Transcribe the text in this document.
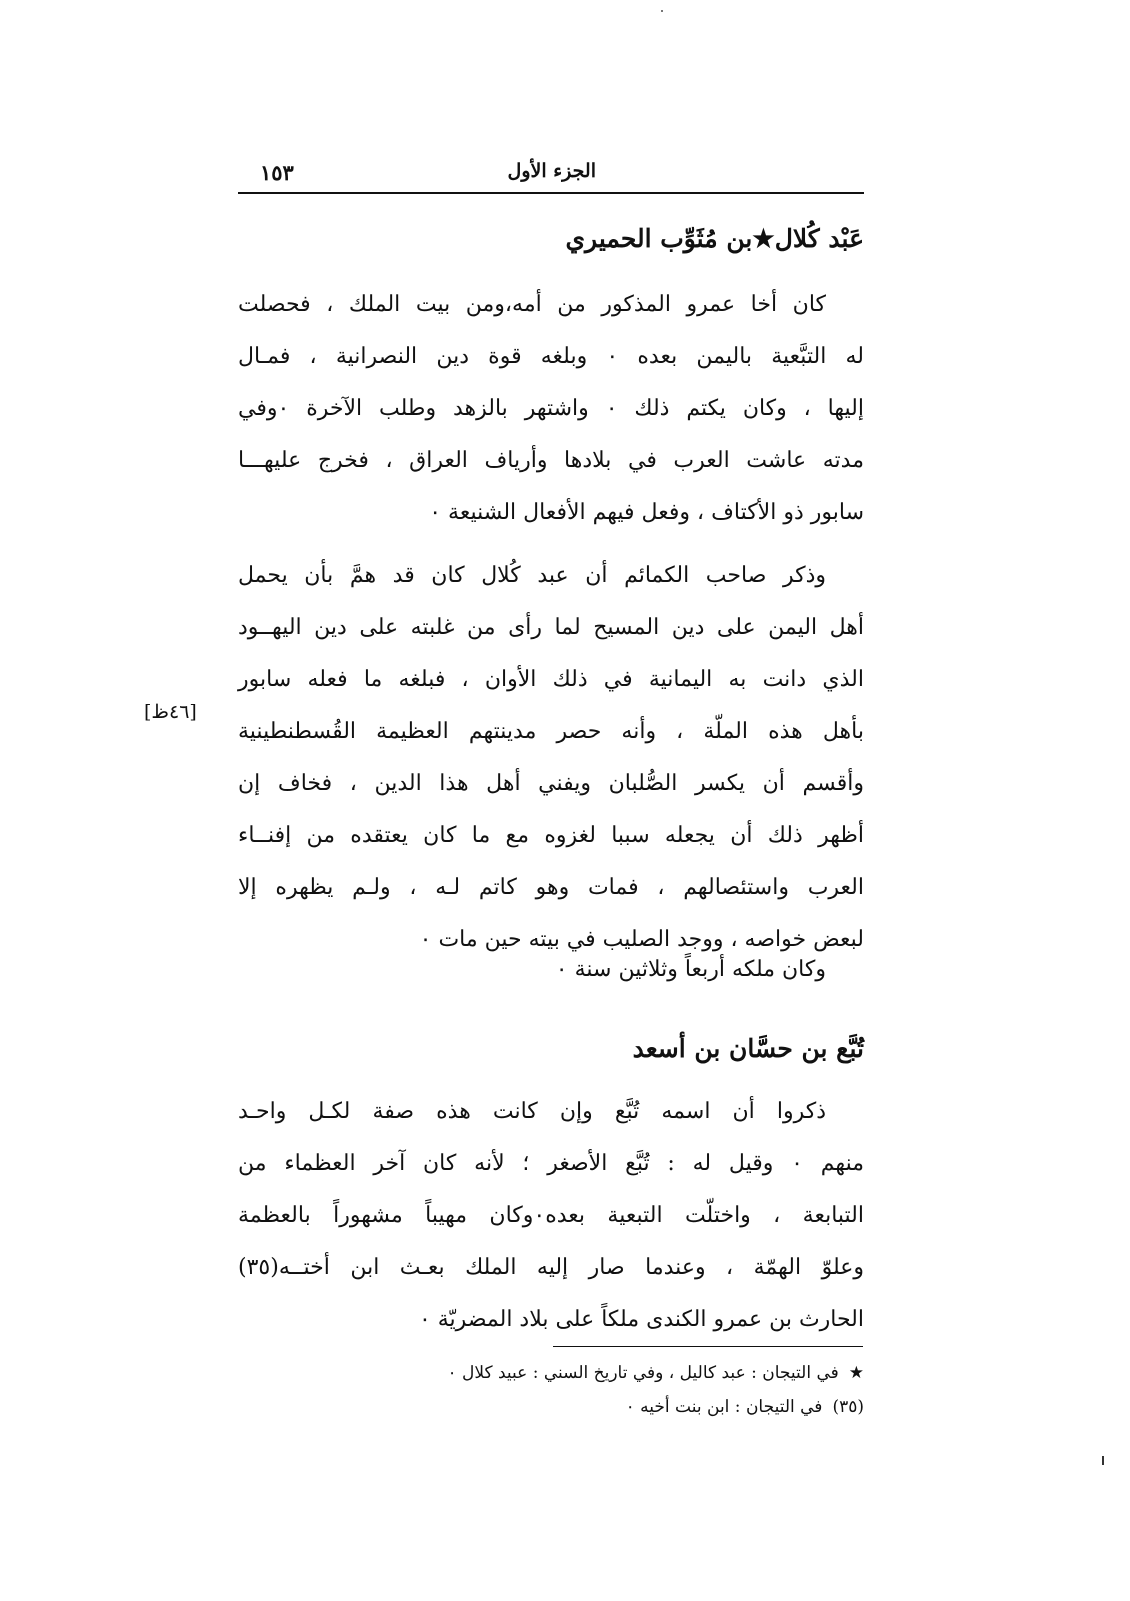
الجزء الأول
١٥٣
عَبْد كُلال★بن مُثَوِّب الحميري
كان أخا عمرو المذكور من أمه،ومن بيت الملك ، فحصلت
له التبَّعية باليمن بعده ٠ وبلغه قوة دين النصرانية ، فمـال
إليها ، وكان يكتم ذلك ٠ واشتهر بالزهد وطلب الآخرة ٠وفي
مدته عاشت العرب في بلادها وأرياف العراق ، فخرج عليهـــا
سابور ذو الأكتاف ، وفعل فيهم الأفعال الشنيعة ٠
وذكر صاحب الكمائم أن عبد كُلال كان قد همَّ بأن يحمل
أهل اليمن على دين المسيح لما رأى من غلبته على دين اليهــود
الذي دانت به اليمانية في ذلك الأوان ، فبلغه ما فعله سابور
بأهل هذه الملّة ، وأنه حصر مدينتهم العظيمة القُسطنطينية
وأقسم أن يكسر الصُّلبان ويفني أهل هذا الدين ، فخاف إن
أظهر ذلك أن يجعله سببا لغزوه مع ما كان يعتقده من إفنــاء
العرب واستئصالهم ، فمات وهو كاتم لـه ، ولـم يظهره إلا
لبعض خواصه ، ووجد الصليب في بيته حين مات ٠
[٤٦ظ]
وكان ملكه أربعاً وثلاثين سنة ٠
تُبَّع بن حسَّان بن أسعد
ذكروا أن اسمه تُبَّع وإن كانت هذه صفة لكـل واحـد
منهم ٠ وقيل له : تُبَّع الأصغر ؛ لأنه كان آخر العظماء من
التبابعة ، واختلّت التبعية بعده٠وكان مهيباً مشهوراً بالعظمة
وعلوّ الهمّة ، وعندما صار إليه الملك بعـث ابن أختــه(٣٥)
الحارث بن عمرو الكندى ملكاً على بلاد المضريّة ٠
★في التيجان : عبد كاليل ، وفي تاريخ السني : عبيد كلال ٠
(٣٥)في التيجان : ابن بنت أخيه ٠
